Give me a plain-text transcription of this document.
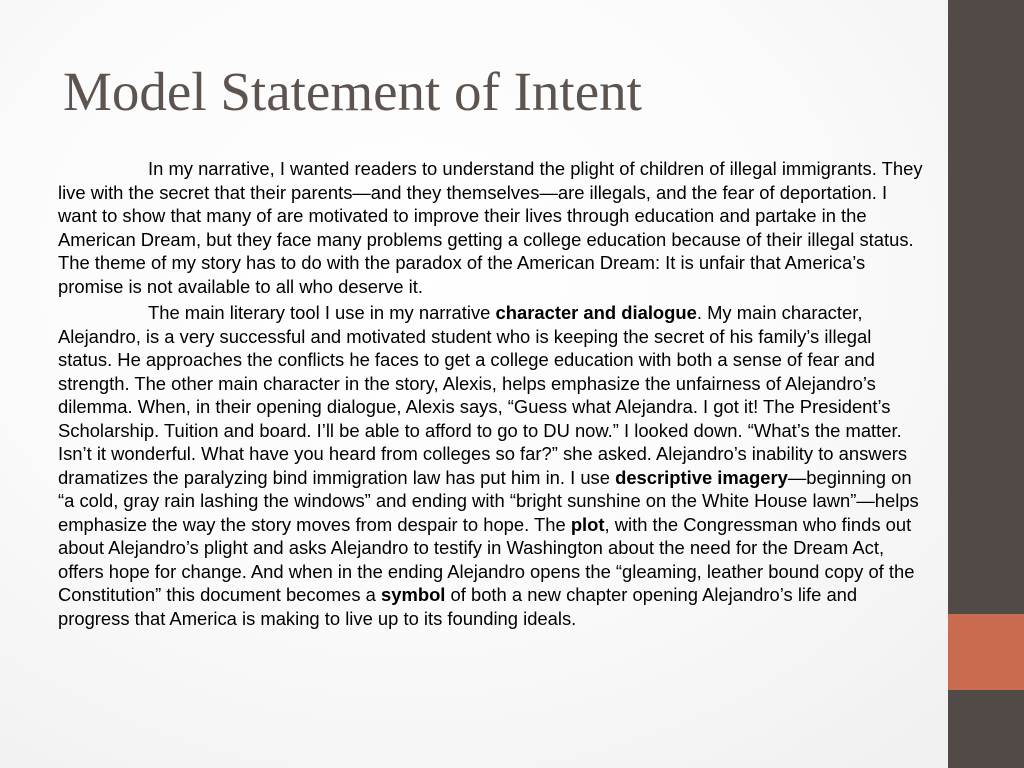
Model Statement of Intent

In my narrative, I wanted readers to understand the plight of children of illegal immigrants. They live with the secret that their parents—and they themselves—are illegals, and the fear of deportation. I want to show that many of are motivated to improve their lives through education and partake in the American Dream, but they face many problems getting a college education because of their illegal status. The theme of my story has to do with the paradox of the American Dream: It is unfair that America’s promise is not available to all who deserve it.

The main literary tool I use in my narrative character and dialogue. My main character, Alejandro, is a very successful and motivated student who is keeping the secret of his family’s illegal status. He approaches the conflicts he faces to get a college education with both a sense of fear and strength. The other main character in the story, Alexis, helps emphasize the unfairness of Alejandro’s dilemma. When, in their opening dialogue, Alexis says, “Guess what Alejandra. I got it! The President’s Scholarship. Tuition and board. I’ll be able to afford to go to DU now.” I looked down. “What’s the matter. Isn’t it wonderful. What have you heard from colleges so far?” she asked. Alejandro’s inability to answers dramatizes the paralyzing bind immigration law has put him in. I use descriptive imagery—beginning on “a cold, gray rain lashing the windows” and ending with “bright sunshine on the White House lawn”—helps emphasize the way the story moves from despair to hope. The plot, with the Congressman who finds out about Alejandro’s plight and asks Alejandro to testify in Washington about the need for the Dream Act, offers hope for change. And when in the ending Alejandro opens the “gleaming, leather bound copy of the Constitution” this document becomes a symbol of both a new chapter opening Alejandro’s life and progress that America is making to live up to its founding ideals.
